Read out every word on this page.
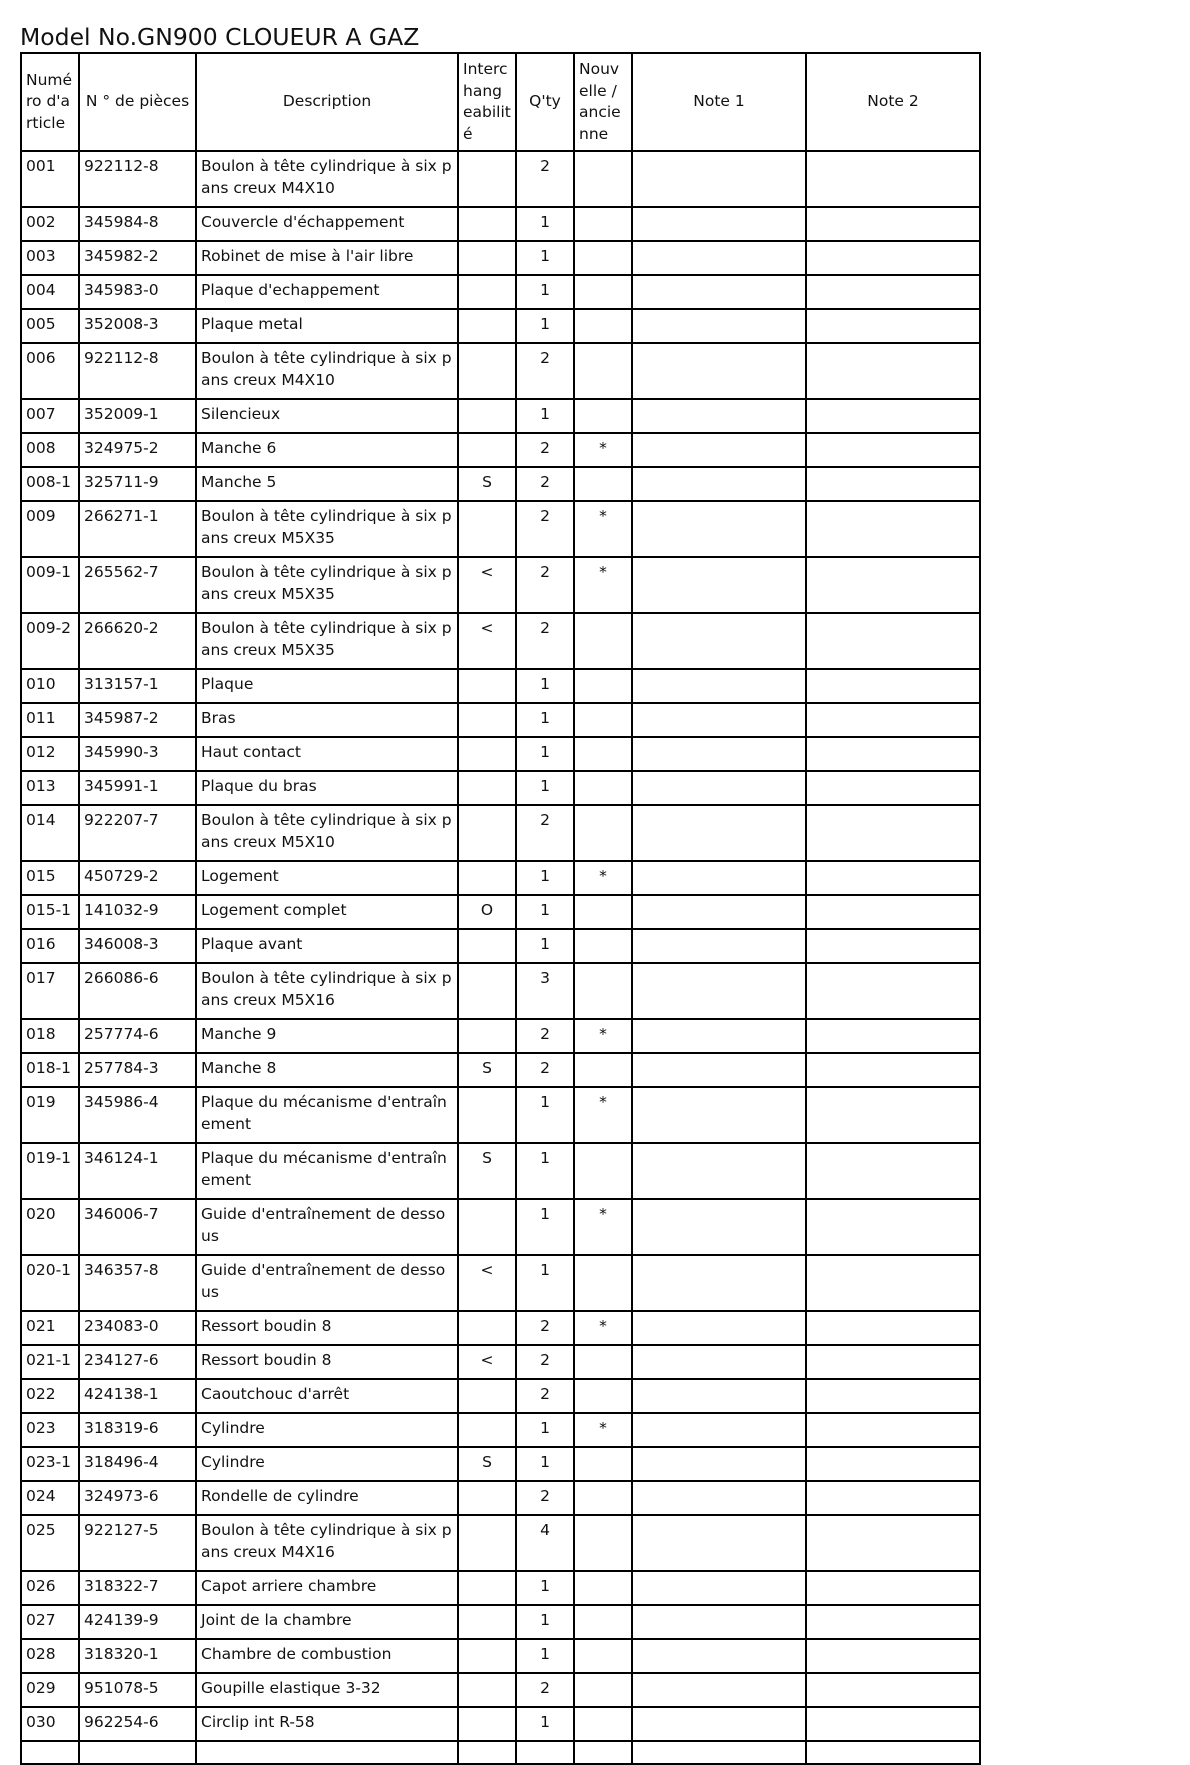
Model No.GN900 CLOUEUR A GAZ
Numé ro d'a rticle	N ° de pièces	Description	Interc hang eabilit é	Q'ty	Nouv elle / ancie nne	Note 1	Note 2
001	922112-8	Boulon à tête cylindrique à six pans creux M4X10		2			
002	345984-8	Couvercle d'échappement		1			
003	345982-2	Robinet de mise à l'air libre		1			
004	345983-0	Plaque d'echappement		1			
005	352008-3	Plaque metal		1			
006	922112-8	Boulon à tête cylindrique à six pans creux M4X10		2			
007	352009-1	Silencieux		1			
008	324975-2	Manche 6		2	*		
008-1	325711-9	Manche 5	S	2			
009	266271-1	Boulon à tête cylindrique à six pans creux M5X35		2	*		
009-1	265562-7	Boulon à tête cylindrique à six pans creux M5X35	<	2	*		
009-2	266620-2	Boulon à tête cylindrique à six pans creux M5X35	<	2			
010	313157-1	Plaque		1			
011	345987-2	Bras		1			
012	345990-3	Haut contact		1			
013	345991-1	Plaque du bras		1			
014	922207-7	Boulon à tête cylindrique à six pans creux M5X10		2			
015	450729-2	Logement		1	*		
015-1	141032-9	Logement complet	O	1			
016	346008-3	Plaque avant		1			
017	266086-6	Boulon à tête cylindrique à six pans creux M5X16		3			
018	257774-6	Manche 9		2	*		
018-1	257784-3	Manche 8	S	2			
019	345986-4	Plaque du mécanisme d'entraînement		1	*		
019-1	346124-1	Plaque du mécanisme d'entraînement	S	1			
020	346006-7	Guide d'entraînement de dessous		1	*		
020-1	346357-8	Guide d'entraînement de dessous	<	1			
021	234083-0	Ressort boudin 8		2	*		
021-1	234127-6	Ressort boudin 8	<	2			
022	424138-1	Caoutchouc d'arrêt		2			
023	318319-6	Cylindre		1	*		
023-1	318496-4	Cylindre	S	1			
024	324973-6	Rondelle de cylindre		2			
025	922127-5	Boulon à tête cylindrique à six pans creux M4X16		4			
026	318322-7	Capot arriere chambre		1			
027	424139-9	Joint de la chambre		1			
028	318320-1	Chambre de combustion		1			
029	951078-5	Goupille elastique 3-32		2			
030	962254-6	Circlip int R-58		1			
